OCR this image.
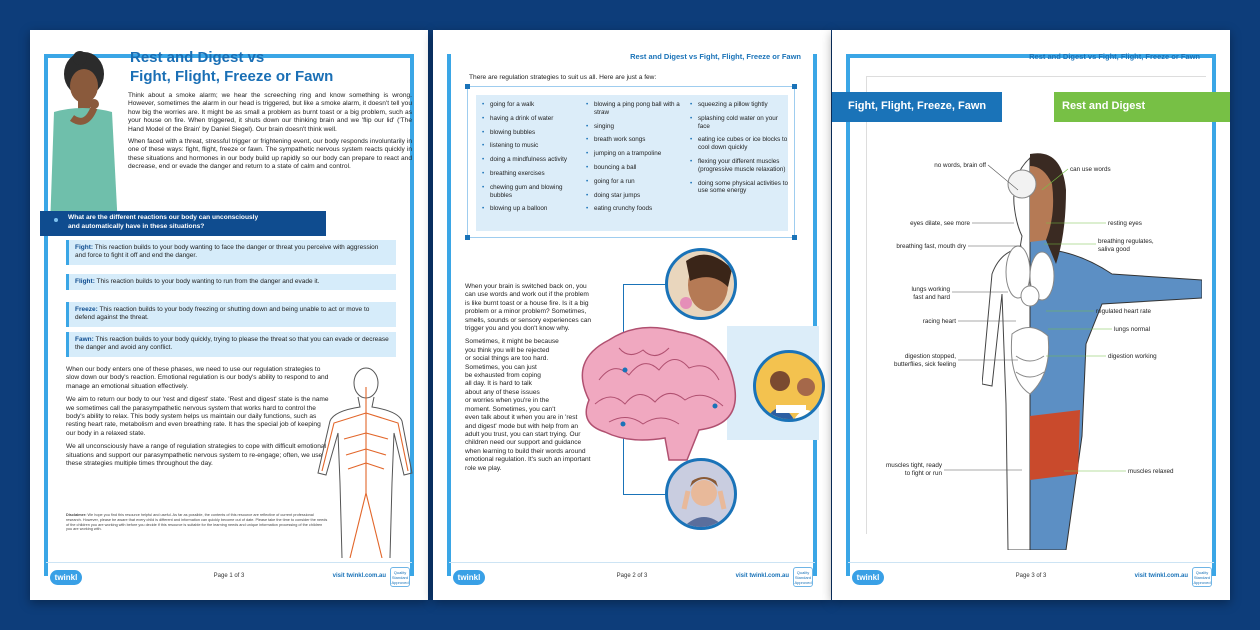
Rest and Digest vs
Fight, Flight, Freeze or Fawn

Think about a smoke alarm; we hear the screeching ring and know something is wrong. However, sometimes the alarm in our head is triggered, but like a smoke alarm, it doesn't tell you how big the worries are. It might be as small a problem as burnt toast or a big problem, such as your house on fire. When triggered, it shuts down our thinking brain and we 'flip our lid' ('The Hand Model of the Brain' by Daniel Siegel). Our brain doesn't think well.

When faced with a threat, stressful trigger or frightening event, our body responds involuntarily in one of these ways: fight, flight, freeze or fawn. The sympathetic nervous system reacts quickly in these situations and hormones in our body build up rapidly so our body can prepare to react and decrease, end or evade the danger and return to a state of calm and control.

What are the different reactions our body can unconsciously
and automatically have in these situations?
Fight: This reaction builds to your body wanting to face the danger or threat you perceive with aggression and force to fight it off and end the danger.
Flight: This reaction builds to your body wanting to run from the danger and evade it.
Freeze: This reaction builds to your body freezing or shutting down and being unable to act or move to defend against the threat.
Fawn: This reaction builds to your body quickly, trying to please the threat so that you can evade or decrease the danger and avoid any conflict.

When our body enters one of these phases, we need to use our regulation strategies to slow down our body's reaction. Emotional regulation is our body's ability to respond to and manage an emotional situation effectively.

We aim to return our body to our 'rest and digest' state. 'Rest and digest' state is the name we sometimes call the parasympathetic nervous system that works hard to control the body's ability to relax. This body system helps us maintain our daily functions, such as resting heart rate, metabolism and even breathing rate. It has the special job of keeping our body in a relaxed state.

We all unconsciously have a range of regulation strategies to cope with difficult emotional situations and support our parasympathetic nervous system to re-engage; often, we use these strategies multiple times throughout the day.

Disclaimer: We hope you find this resource helpful and useful. As far as possible, the contents of this resource are reflective of current professional research. However, please be aware that every child is different and information can quickly become out of date. Please take the time to consider the needs of the children you are working with before you decide if this resource is suitable for the learning needs and unique information processing of the children you are working with.
twinkl	Page 1 of 3	visit twinkl.com.au
Quality Standard Approved
Rest and Digest vs Fight, Flight, Freeze or Fawn
There are regulation strategies to suit us all. Here are just a few:
• going for a walk
• having a drink of water
• blowing bubbles
• listening to music
• doing a mindfulness activity
• breathing exercises
• chewing gum and blowing bubbles
• blowing up a balloon
• blowing a ping pong ball with a straw
• singing
• breath work songs
• jumping on a trampoline
• bouncing a ball
• going for a run
• doing star jumps
• eating crunchy foods
• squeezing a pillow tightly
• splashing cold water on your face
• eating ice cubes or ice blocks to cool down quickly
• flexing your different muscles (progressive muscle relaxation)
• doing some physical activities to use some energy

When your brain is switched back on, you
can use words and work out if the problem
is like burnt toast or a house fire. Is it a big
problem or a minor problem? Sometimes,
smells, sounds or sensory experiences can
trigger you and you don't know why.

Sometimes, it might be because
you think you will be rejected
or social things are too hard.
Sometimes, you can just
be exhausted from coping
all day. It is hard to talk
about any of these issues
or worries when you're in the
moment. Sometimes, you can't
even talk about it when you are in 'rest
and digest' mode but with help from an
adult you trust, you can start trying. Our
children need our support and guidance
when learning to build their words around
emotional regulation. It's such an important
role we play.

twinkl	Page 2 of 3	visit twinkl.com.au
Quality Standard Approved
Rest and Digest vs Fight, Flight, Freeze or Fawn
Fight, Flight, Freeze, Fawn	Rest and Digest
no words, brain off
eyes dilate, see more
breathing fast, mouth dry
lungs working
fast and hard
racing heart
digestion stopped,
butterflies, sick feeling
muscles tight, ready
to fight or run
can use words
resting eyes
breathing regulates,
saliva good
regulated heart rate
lungs normal
digestion working
muscles relaxed
twinkl	Page 3 of 3	visit twinkl.com.au
Quality Standard Approved
